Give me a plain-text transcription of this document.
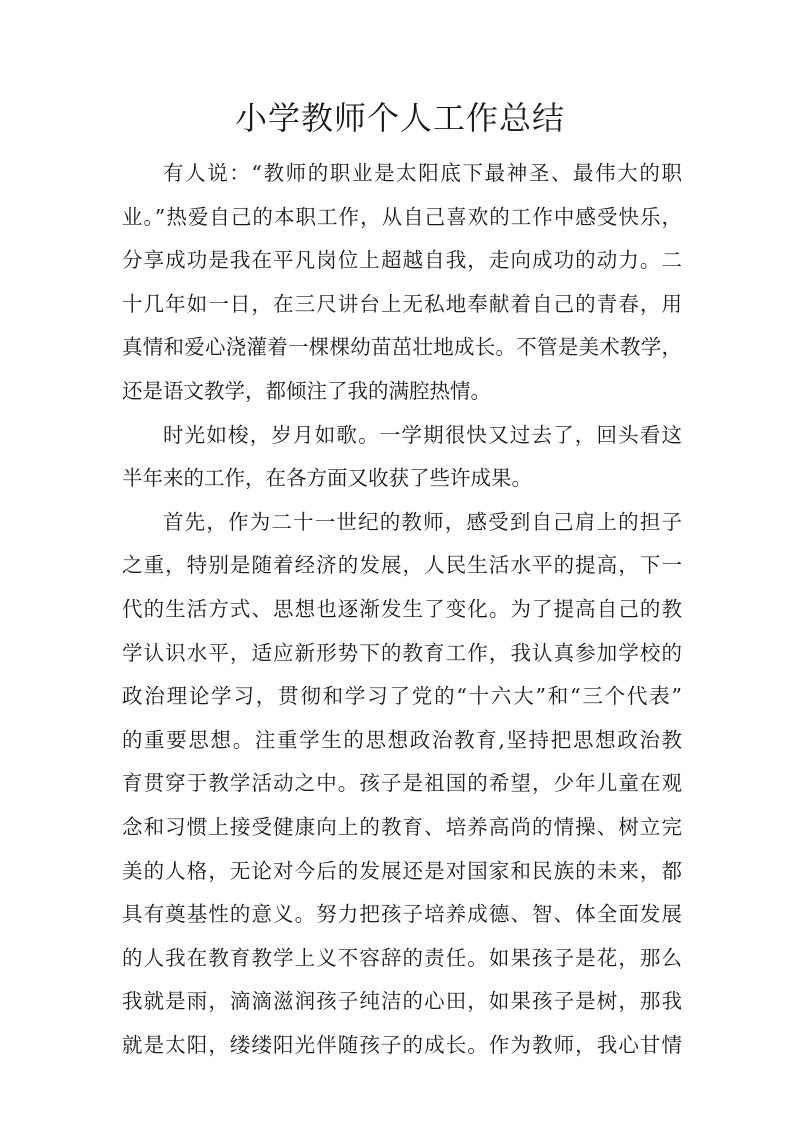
小学教师个人工作总结

有人说：“教师的职业是太阳底下最神圣、最伟大的职
业。”热爱自己的本职工作，从自己喜欢的工作中感受快乐，
分享成功是我在平凡岗位上超越自我，走向成功的动力。二
十几年如一日，在三尺讲台上无私地奉献着自己的青春，用
真情和爱心浇灌着一棵棵幼苗茁壮地成长。不管是美术教学，
还是语文教学，都倾注了我的满腔热情。

时光如梭，岁月如歌。一学期很快又过去了，回头看这
半年来的工作，在各方面又收获了些许成果。

首先，作为二十一世纪的教师，感受到自己肩上的担子
之重，特别是随着经济的发展，人民生活水平的提高，下一
代的生活方式、思想也逐渐发生了变化。为了提高自己的教
学认识水平，适应新形势下的教育工作，我认真参加学校的
政治理论学习，贯彻和学习了党的“十六大”和“三个代表”
的重要思想。注重学生的思想政治教育,坚持把思想政治教
育贯穿于教学活动之中。孩子是祖国的希望，少年儿童在观
念和习惯上接受健康向上的教育、培养高尚的情操、树立完
美的人格，无论对今后的发展还是对国家和民族的未来，都
具有奠基性的意义。努力把孩子培养成德、智、体全面发展
的人我在教育教学上义不容辞的责任。如果孩子是花，那么
我就是雨，滴滴滋润孩子纯洁的心田，如果孩子是树，那我
就是太阳，缕缕阳光伴随孩子的成长。作为教师，我心甘情
